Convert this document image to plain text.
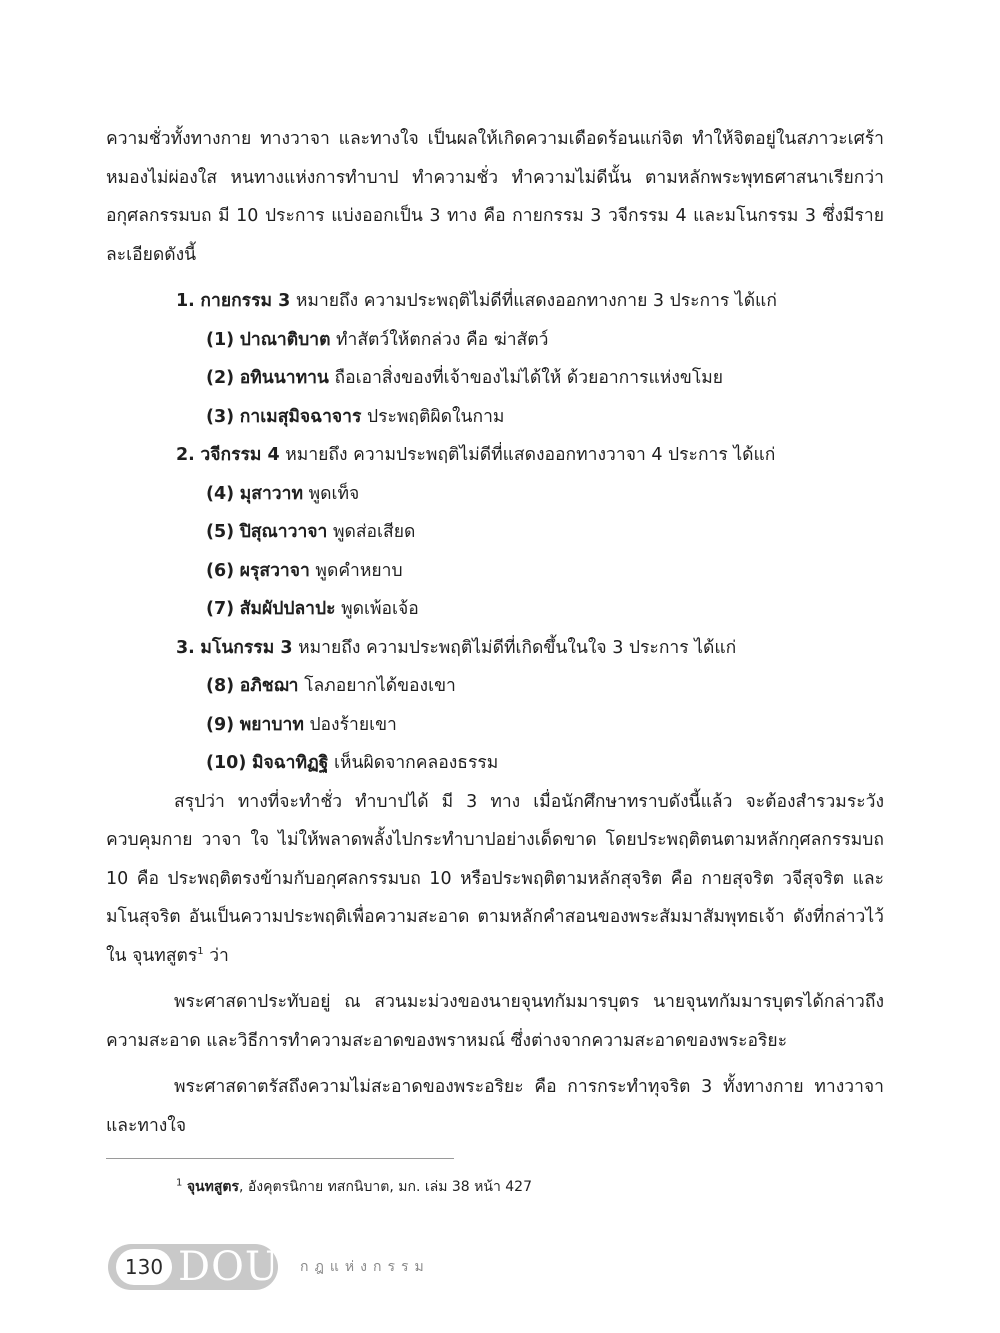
ความชั่วทั้งทางกาย ทางวาจา และทางใจ เป็นผลให้เกิดความเดือดร้อนแก่จิต ทำให้จิตอยู่ในสภาวะเศร้าหมองไม่ผ่องใส หนทางแห่งการทำบาป ทำความชั่ว ทำความไม่ดีนั้น ตามหลักพระพุทธศาสนาเรียกว่า อกุศลกรรมบถ มี 10 ประการ แบ่งออกเป็น 3 ทาง คือ กายกรรม 3 วจีกรรม 4 และมโนกรรม 3 ซึ่งมีรายละเอียดดังนี้

1. กายกรรม 3 หมายถึง ความประพฤติไม่ดีที่แสดงออกทางกาย 3 ประการ ได้แก่

(1) ปาณาติบาต ทำสัตว์ให้ตกล่วง คือ ฆ่าสัตว์

(2) อทินนาทาน ถือเอาสิ่งของที่เจ้าของไม่ได้ให้ ด้วยอาการแห่งขโมย

(3) กาเมสุมิจฉาจาร ประพฤติผิดในกาม

2. วจีกรรม 4 หมายถึง ความประพฤติไม่ดีที่แสดงออกทางวาจา 4 ประการ ได้แก่

(4) มุสาวาท พูดเท็จ

(5) ปิสุณาวาจา พูดส่อเสียด

(6) ผรุสวาจา พูดคำหยาบ

(7) สัมผัปปลาปะ พูดเพ้อเจ้อ

3. มโนกรรม 3 หมายถึง ความประพฤติไม่ดีที่เกิดขึ้นในใจ 3 ประการ ได้แก่

(8) อภิชฌา โลภอยากได้ของเขา

(9) พยาบาท ปองร้ายเขา

(10) มิจฉาทิฏฐิ เห็นผิดจากคลองธรรม

สรุปว่า ทางที่จะทำชั่ว ทำบาปได้ มี 3 ทาง เมื่อนักศึกษาทราบดังนี้แล้ว จะต้องสำรวมระวังควบคุมกาย วาจา ใจ ไม่ให้พลาดพลั้งไปกระทำบาปอย่างเด็ดขาด โดยประพฤติตนตามหลักกุศลกรรมบถ 10 คือ ประพฤติตรงข้ามกับอกุศลกรรมบถ 10 หรือประพฤติตามหลักสุจริต คือ กายสุจริต วจีสุจริต และมโนสุจริต อันเป็นความประพฤติเพื่อความสะอาด ตามหลักคำสอนของพระสัมมาสัมพุทธเจ้า ดังที่กล่าวไว้ใน จุนทสูตร$^1$ ว่า

พระศาสดาประทับอยู่ ณ สวนมะม่วงของนายจุนทกัมมารบุตร นายจุนทกัมมารบุตรได้กล่าวถึงความสะอาด และวิธีการทำความสะอาดของพราหมณ์ ซึ่งต่างจากความสะอาดของพระอริยะ

พระศาสดาตรัสถึงความไม่สะอาดของพระอริยะ คือ การกระทำทุจริต 3 ทั้งทางกาย ทางวาจา และทางใจ

$^1$ จุนทสูตร, อังคุตรนิกาย ทสกนิบาต, มก. เล่ม 38 หน้า 427
130 DOU กฎแห่งกรรม
